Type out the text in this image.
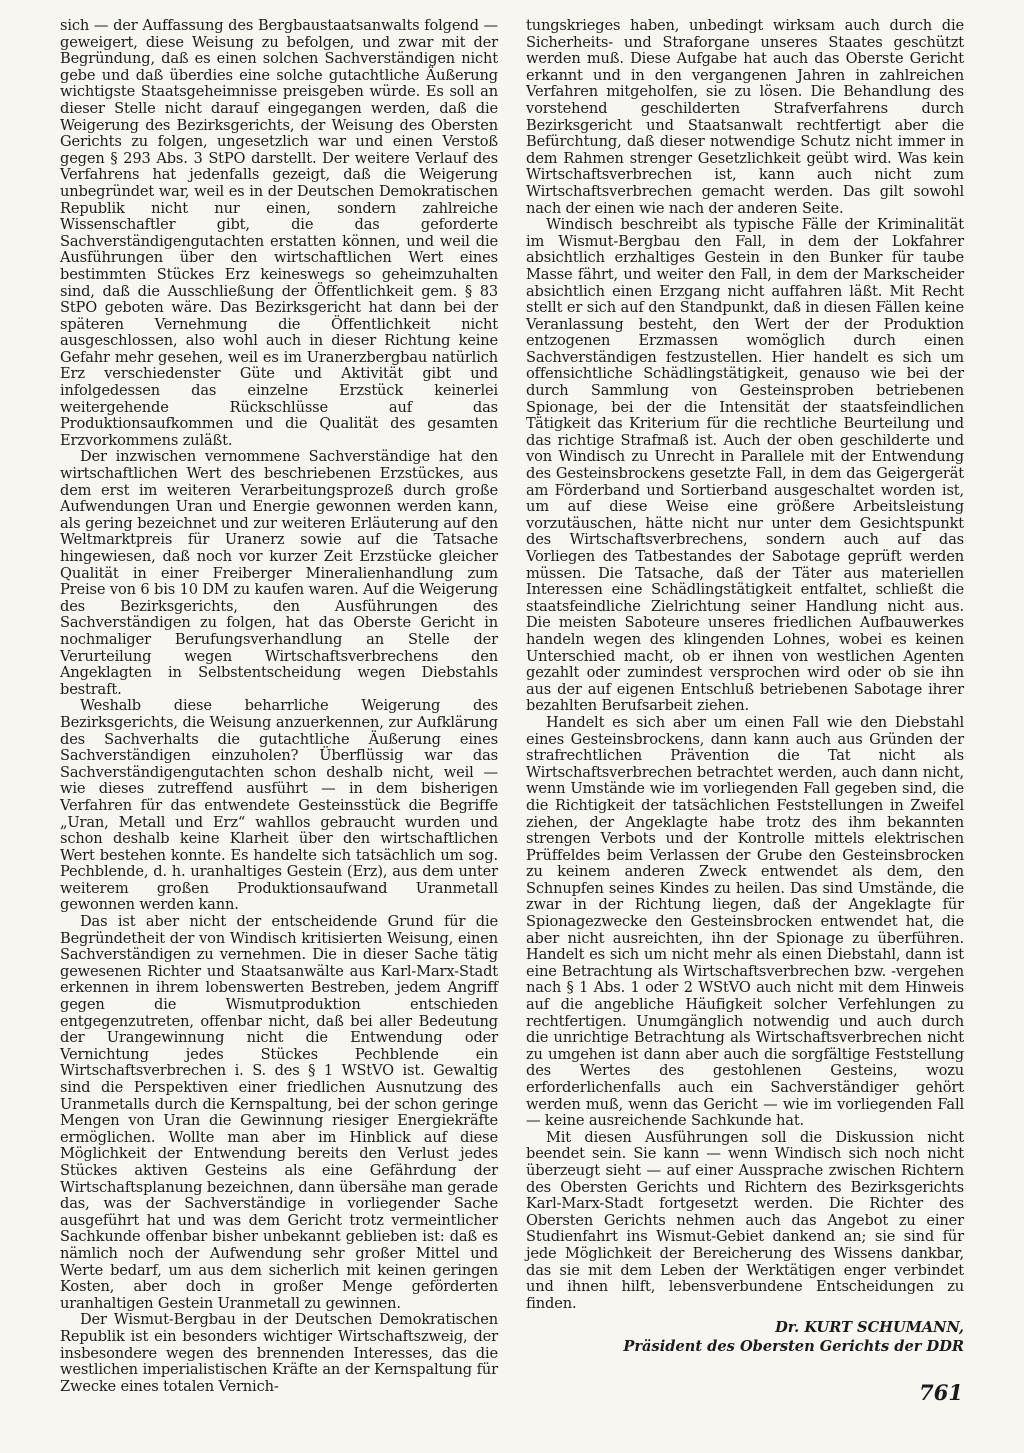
sich — der Auffassung des Bergbaustaatsanwalts folgend — geweigert, diese Weisung zu befolgen, und zwar mit der Begründung, daß es einen solchen Sachverständigen nicht gebe und daß überdies eine solche gutachtliche Äußerung wichtigste Staatsgeheimnisse preisgeben würde. Es soll an dieser Stelle nicht darauf eingegangen werden, daß die Weigerung des Bezirksgerichts, der Weisung des Obersten Gerichts zu folgen, ungesetzlich war und einen Verstoß gegen § 293 Abs. 3 StPO darstellt. Der weitere Verlauf des Verfahrens hat jedenfalls gezeigt, daß die Weigerung unbegründet war, weil es in der Deutschen Demokratischen Republik nicht nur einen, sondern zahlreiche Wissenschaftler gibt, die das geforderte Sachverständigengutachten erstatten können, und weil die Ausführungen über den wirtschaftlichen Wert eines bestimmten Stückes Erz keineswegs so geheimzuhalten sind, daß die Ausschließung der Öffentlichkeit gem. § 83 StPO geboten wäre. Das Bezirksgericht hat dann bei der späteren Vernehmung die Öffentlichkeit nicht ausgeschlossen, also wohl auch in dieser Richtung keine Gefahr mehr gesehen, weil es im Uranerzbergbau natürlich Erz verschiedenster Güte und Aktivität gibt und infolgedessen das einzelne Erzstück keinerlei weitergehende Rückschlüsse auf das Produktionsaufkommen und die Qualität des gesamten Erzvorkommens zuläßt.

Der inzwischen vernommene Sachverständige hat den wirtschaftlichen Wert des beschriebenen Erzstückes, aus dem erst im weiteren Verarbeitungsprozeß durch große Aufwendungen Uran und Energie gewonnen werden kann, als gering bezeichnet und zur weiteren Erläuterung auf den Weltmarktpreis für Uranerz sowie auf die Tatsache hingewiesen, daß noch vor kurzer Zeit Erzstücke gleicher Qualität in einer Freiberger Mineralienhandlung zum Preise von 6 bis 10 DM zu kaufen waren. Auf die Weigerung des Bezirksgerichts, den Ausführungen des Sachverständigen zu folgen, hat das Oberste Gericht in nochmaliger Berufungsverhandlung an Stelle der Verurteilung wegen Wirtschaftsverbrechens den Angeklagten in Selbstentscheidung wegen Diebstahls bestraft.

Weshalb diese beharrliche Weigerung des Bezirksgerichts, die Weisung anzuerkennen, zur Aufklärung des Sachverhalts die gutachtliche Äußerung eines Sachverständigen einzuholen? Überflüssig war das Sachverständigengutachten schon deshalb nicht, weil — wie dieses zutreffend ausführt — in dem bisherigen Verfahren für das entwendete Gesteinsstück die Begriffe „Uran, Metall und Erz“ wahllos gebraucht wurden und schon deshalb keine Klarheit über den wirtschaftlichen Wert bestehen konnte. Es handelte sich tatsächlich um sog. Pechblende, d. h. uranhaltiges Gestein (Erz), aus dem unter weiterem großen Produktionsaufwand Uranmetall gewonnen werden kann.

Das ist aber nicht der entscheidende Grund für die Begründetheit der von Windisch kritisierten Weisung, einen Sachverständigen zu vernehmen. Die in dieser Sache tätig gewesenen Richter und Staatsanwälte aus Karl-Marx-Stadt erkennen in ihrem lobenswerten Bestreben, jedem Angriff gegen die Wismutproduktion entschieden entgegenzutreten, offenbar nicht, daß bei aller Bedeutung der Urangewinnung nicht die Entwendung oder Vernichtung jedes Stückes Pechblende ein Wirtschaftsverbrechen i. S. des § 1 WStVO ist. Gewaltig sind die Perspektiven einer friedlichen Ausnutzung des Uranmetalls durch die Kernspaltung, bei der schon geringe Mengen von Uran die Gewinnung riesiger Energiekräfte ermöglichen. Wollte man aber im Hinblick auf diese Möglichkeit der Entwendung bereits den Verlust jedes Stückes aktiven Gesteins als eine Gefährdung der Wirtschaftsplanung bezeichnen, dann übersähe man gerade das, was der Sachverständige in vorliegender Sache ausgeführt hat und was dem Gericht trotz vermeintlicher Sachkunde offenbar bisher unbekannt geblieben ist: daß es nämlich noch der Aufwendung sehr großer Mittel und Werte bedarf, um aus dem sicherlich mit keinen geringen Kosten, aber doch in großer Menge geförderten uranhaltigen Gestein Uranmetall zu gewinnen.

Der Wismut-Bergbau in der Deutschen Demokratischen Republik ist ein besonders wichtiger Wirtschaftszweig, der insbesondere wegen des brennenden Interesses, das die westlichen imperialistischen Kräfte an der Kernspaltung für Zwecke eines totalen Vernich-

tungskrieges haben, unbedingt wirksam auch durch die Sicherheits- und Straforgane unseres Staates geschützt werden muß. Diese Aufgabe hat auch das Oberste Gericht erkannt und in den vergangenen Jahren in zahlreichen Verfahren mitgeholfen, sie zu lösen. Die Behandlung des vorstehend geschilderten Strafverfahrens durch Bezirksgericht und Staatsanwalt rechtfertigt aber die Befürchtung, daß dieser notwendige Schutz nicht immer in dem Rahmen strenger Gesetzlichkeit geübt wird. Was kein Wirtschaftsverbrechen ist, kann auch nicht zum Wirtschaftsverbrechen gemacht werden. Das gilt sowohl nach der einen wie nach der anderen Seite.

Windisch beschreibt als typische Fälle der Kriminalität im Wismut-Bergbau den Fall, in dem der Lokfahrer absichtlich erzhaltiges Gestein in den Bunker für taube Masse fährt, und weiter den Fall, in dem der Markscheider absichtlich einen Erzgang nicht auffahren läßt. Mit Recht stellt er sich auf den Standpunkt, daß in diesen Fällen keine Veranlassung besteht, den Wert der der Produktion entzogenen Erzmassen womöglich durch einen Sachverständigen festzustellen. Hier handelt es sich um offensichtliche Schädlingstätigkeit, genauso wie bei der durch Sammlung von Gesteinsproben betriebenen Spionage, bei der die Intensität der staatsfeindlichen Tätigkeit das Kriterium für die rechtliche Beurteilung und das richtige Strafmaß ist. Auch der oben geschilderte und von Windisch zu Unrecht in Parallele mit der Entwendung des Gesteinsbrockens gesetzte Fall, in dem das Geigergerät am Förderband und Sortierband ausgeschaltet worden ist, um auf diese Weise eine größere Arbeitsleistung vorzutäuschen, hätte nicht nur unter dem Gesichtspunkt des Wirtschaftsverbrechens, sondern auch auf das Vorliegen des Tatbestandes der Sabotage geprüft werden müssen. Die Tatsache, daß der Täter aus materiellen Interessen eine Schädlingstätigkeit entfaltet, schließt die staatsfeindliche Zielrichtung seiner Handlung nicht aus. Die meisten Saboteure unseres friedlichen Aufbauwerkes handeln wegen des klingenden Lohnes, wobei es keinen Unterschied macht, ob er ihnen von westlichen Agenten gezahlt oder zumindest versprochen wird oder ob sie ihn aus der auf eigenen Entschluß betriebenen Sabotage ihrer bezahlten Berufsarbeit ziehen.

Handelt es sich aber um einen Fall wie den Diebstahl eines Gesteinsbrockens, dann kann auch aus Gründen der strafrechtlichen Prävention die Tat nicht als Wirtschaftsverbrechen betrachtet werden, auch dann nicht, wenn Umstände wie im vorliegenden Fall gegeben sind, die die Richtigkeit der tatsächlichen Feststellungen in Zweifel ziehen, der Angeklagte habe trotz des ihm bekannten strengen Verbots und der Kontrolle mittels elektrischen Prüffeldes beim Verlassen der Grube den Gesteinsbrocken zu keinem anderen Zweck entwendet als dem, den Schnupfen seines Kindes zu heilen. Das sind Umstände, die zwar in der Richtung liegen, daß der Angeklagte für Spionagezwecke den Gesteinsbrocken entwendet hat, die aber nicht ausreichten, ihn der Spionage zu überführen. Handelt es sich um nicht mehr als einen Diebstahl, dann ist eine Betrachtung als Wirtschaftsverbrechen bzw. -vergehen nach § 1 Abs. 1 oder 2 WStVO auch nicht mit dem Hinweis auf die angebliche Häufigkeit solcher Verfehlungen zu rechtfertigen. Unumgänglich notwendig und auch durch die unrichtige Betrachtung als Wirtschaftsverbrechen nicht zu umgehen ist dann aber auch die sorgfältige Feststellung des Wertes des gestohlenen Gesteins, wozu erforderlichenfalls auch ein Sachverständiger gehört werden muß, wenn das Gericht — wie im vorliegenden Fall — keine ausreichende Sachkunde hat.

Mit diesen Ausführungen soll die Diskussion nicht beendet sein. Sie kann — wenn Windisch sich noch nicht überzeugt sieht — auf einer Aussprache zwischen Richtern des Obersten Gerichts und Richtern des Bezirksgerichts Karl-Marx-Stadt fortgesetzt werden. Die Richter des Obersten Gerichts nehmen auch das Angebot zu einer Studienfahrt ins Wismut-Gebiet dankend an; sie sind für jede Möglichkeit der Bereicherung des Wissens dankbar, das sie mit dem Leben der Werktätigen enger verbindet und ihnen hilft, lebensverbundene Entscheidungen zu finden.

Dr. KURT SCHUMANN,
Präsident des Obersten Gerichts der DDR
761
